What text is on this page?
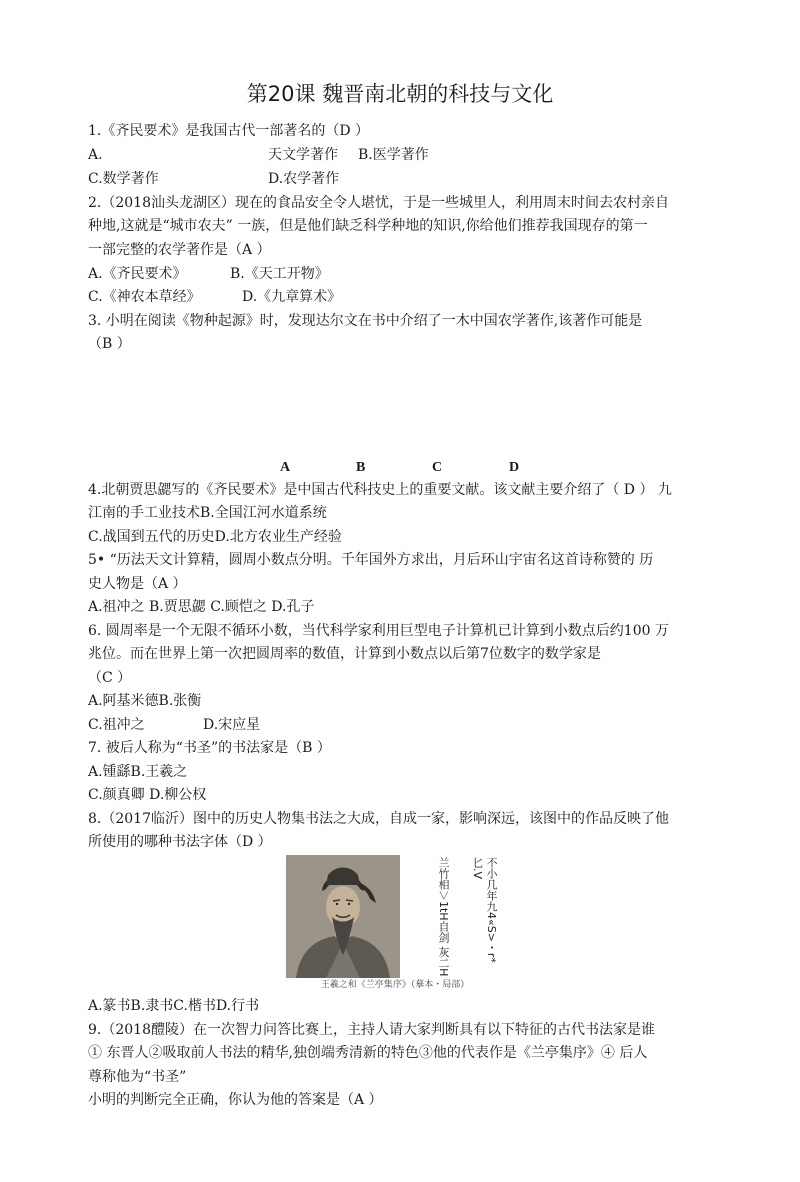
第20课 魏晋南北朝的科技与文化
1.《齐民要术》是我国古代一部著名的（D ）
A.	天文学著作 B.医学著作
C.数学著作	D.农学著作
2.（2018汕头龙湖区）现在的食品安全令人堪忧，于是一些城里人，利用周末时间去农村亲自
种地,这就是“城市农夫” 一族，但是他们缺乏科学种地的知识,你给他们推荐我国现存的第一
一部完整的农学著作是（A ）
A.《齐民要术》	B.《天工开物》
C.《神农本草经》	D.《九章算术》
3. 小明在阅读《物种起源》时，发现达尔文在书中介绍了一木中国农学著作,该著作可能是
（B ）
A	B	C	D
4.北朝贾思勰写的《齐民要术》是中国古代科技史上的重要文献。该文献主要介绍了（ D ） 九
江南的手工业技术B.全国江河水道系统
C.战国到五代的历史D.北方农业生产经验
5• “历法天文计算精，圆周小数点分明。千年国外方求出，月后环山宇宙名这首诗称赞的 历
史人物是（A ）
A.祖冲之 B.贾思勰 C.顾恺之 D.孔子
6. 圆周率是一个无限不循环小数，当代科学家利用巨型电子计算机已计算到小数点后约100 万
兆位。而在世界上第一次把圆周率的数值，计算到小数点以后第7位数字的数学家是
（C ）
A.阿基米德B.张衡
C.祖冲之	D.宋应星
7. 被后人称为“书圣”的书法家是（B ）
A.锺繇B.王羲之
C.颜真卿 D.柳公权
8.（2017临沂）图中的历史人物集书法之大成，自成一家，影响深远，该图中的作品反映了他
所使用的哪种书法字体（D ）
不小几年九4«S>・r*匕.V
兰竹相＞1tH自剑 灰二H
王羲之和《兰亭集序》（摹本・局部）
A.篆书B.隶书C.楷书D.行书
9.（2018醴陵）在一次智力问答比赛上，主持人请大家判断具有以下特征的古代书法家是谁
① 东晋人②吸取前人书法的精华,独创端秀清新的特色③他的代表作是《兰亭集序》④ 后人
尊称他为“书圣”
小明的判断完全正确，你认为他的答案是（A ）
